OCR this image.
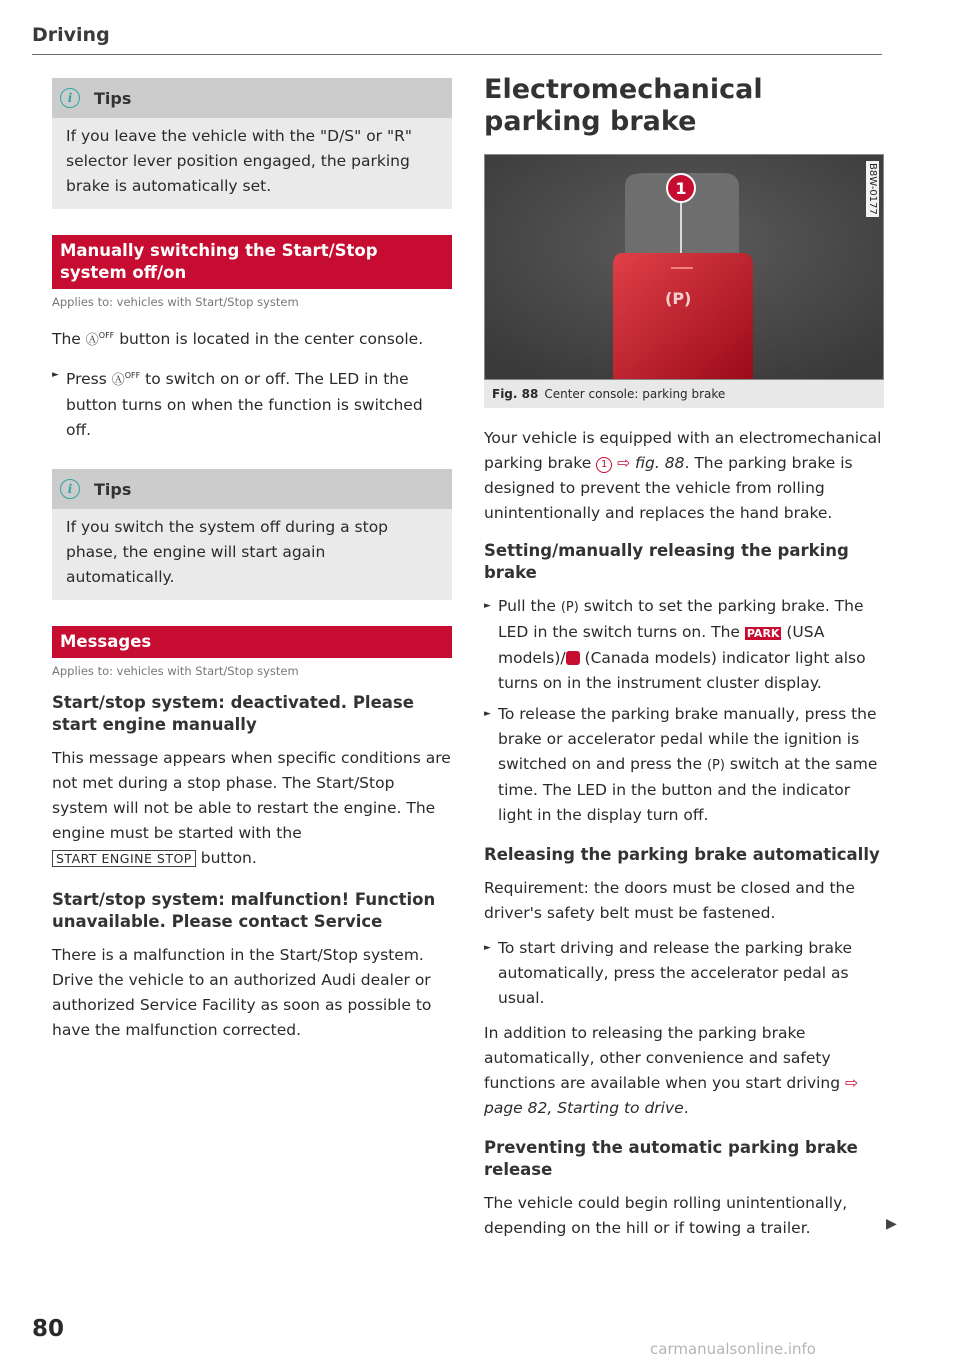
Driving
i	Tips
If you leave the vehicle with the "D/S" or "R" selector lever position engaged, the parking brake is automatically set.
Manually switching the Start/Stop system off/on
Applies to: vehicles with Start/Stop system

The Ⓐ$^{OFF}$ button is located in the center console.

► Press Ⓐ$^{OFF}$ to switch on or off. The LED in the button turns on when the function is switched off.
i	Tips
If you switch the system off during a stop phase, the engine will start again automatically.
Messages
Applies to: vehicles with Start/Stop system
Start/stop system: deactivated. Please start engine manually

This message appears when specific conditions are not met during a stop phase. The Start/Stop system will not be able to restart the engine. The engine must be started with the
START ENGINE STOP button.

Start/stop system: malfunction! Function unavailable. Please contact Service

There is a malfunction in the Start/Stop system. Drive the vehicle to an authorized Audi dealer or authorized Service Facility as soon as possible to have the malfunction corrected.

Electromechanical parking brake
1
(P)
B8W-0177
Fig. 88 Center console: parking brake

Your vehicle is equipped with an electromechanical parking brake 1 ⇨ fig. 88. The parking brake is designed to prevent the vehicle from rolling unintentionally and replaces the hand brake.

Setting/manually releasing the parking brake
► Pull the (P) switch to set the parking brake. The LED in the switch turns on. The PARK (USA models)/ (Canada models) indicator light also turns on in the instrument cluster display.
► To release the parking brake manually, press the brake or accelerator pedal while the ignition is switched on and press the (P) switch at the same time. The LED in the button and the indicator light in the display turn off.
Releasing the parking brake automatically

Requirement: the doors must be closed and the driver's safety belt must be fastened.

► To start driving and release the parking brake automatically, press the accelerator pedal as usual.

In addition to releasing the parking brake automatically, other convenience and safety functions are available when you start driving ⇨ page 82, Starting to drive.

Preventing the automatic parking brake release

The vehicle could begin rolling unintentionally, depending on the hill or if towing a trailer.	▶
80
carmanualsonline.info
